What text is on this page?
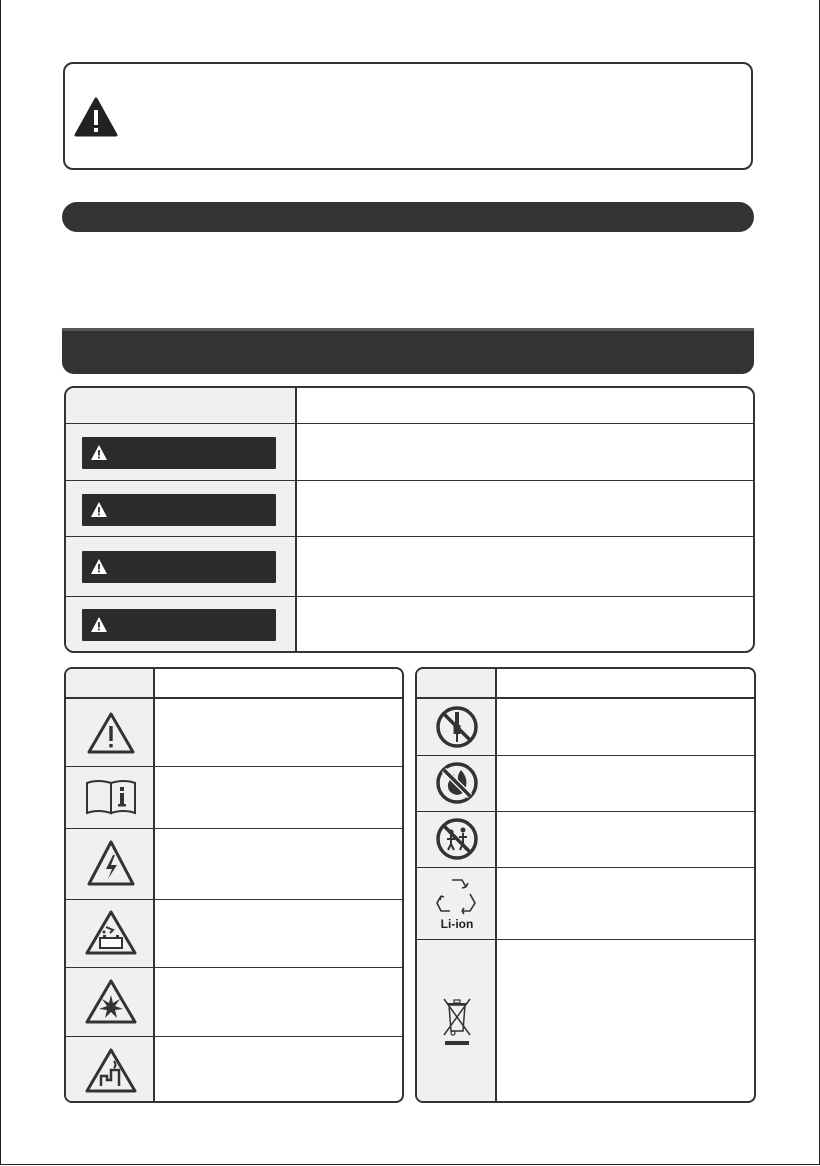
Li-ion
